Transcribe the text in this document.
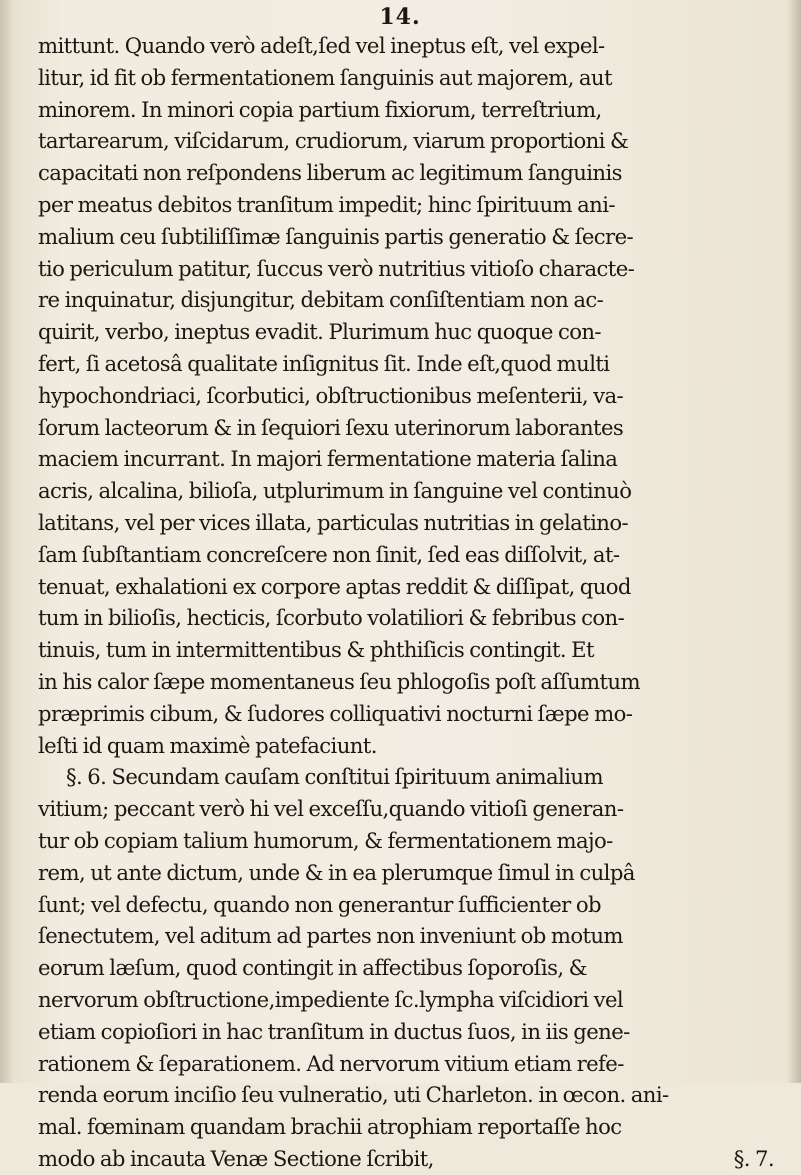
14.
mittunt. Quando verò adeſt,ſed vel ineptus eſt, vel expel-
litur, id fit ob fermentationem ſanguinis aut majorem, aut
minorem. In minori copia partium fixiorum, terreſtrium,
tartarearum, viſcidarum, crudiorum, viarum proportioni &
capacitati non reſpondens liberum ac legitimum ſanguinis
per meatus debitos tranſitum impedit; hinc ſpirituum ani-
malium ceu ſubtiliſſimæ ſanguinis partis generatio & ſecre-
tio periculum patitur, ſuccus verò nutritius vitioſo characte-
re inquinatur, disjungitur, debitam conſiſtentiam non ac-
quirit, verbo, ineptus evadit. Plurimum huc quoque con-
fert, ſi acetosâ qualitate inſignitus ſit. Inde eſt,quod multi
hypochondriaci, ſcorbutici, obſtructionibus meſenterii, va-
ſorum lacteorum & in ſequiori ſexu uterinorum laborantes
maciem incurrant. In majori fermentatione materia ſalina
acris, alcalina, bilioſa, utplurimum in ſanguine vel continuò
latitans, vel per vices illata, particulas nutritias in gelatino-
ſam ſubſtantiam concreſcere non ſinit, ſed eas diſſolvit, at-
tenuat, exhalationi ex corpore aptas reddit & diſſipat, quod
tum in bilioſis, hecticis, ſcorbuto volatiliori & febribus con-
tinuis, tum in intermittentibus & phthiſicis contingit. Et
in his calor ſæpe momentaneus ſeu phlogoſis poſt aſſumtum
præprimis cibum, & ſudores colliquativi nocturni ſæpe mo-
leſti id quam maximè patefaciunt.
§. 6. Secundam cauſam conſtitui ſpirituum animalium
vitium; peccant verò hi vel exceſſu,quando vitioſi generan-
tur ob copiam talium humorum, & fermentationem majo-
rem, ut ante dictum, unde & in ea plerumque ſimul in culpâ
ſunt; vel defectu, quando non generantur ſufficienter ob
ſenectutem, vel aditum ad partes non inveniunt ob motum
eorum læſum, quod contingit in affectibus ſoporoſis, &
nervorum obſtructione,impediente ſc.lympha viſcidiori vel
etiam copioſiori in hac tranſitum in ductus ſuos, in iis gene-
rationem & ſeparationem. Ad nervorum vitium etiam refe-
renda eorum inciſio ſeu vulneratio, uti Charleton. in œcon. ani-
mal. fœminam quandam brachii atrophiam reportaſſe hoc
modo ab incauta Venæ Sectione ſcribit,	§. 7.
